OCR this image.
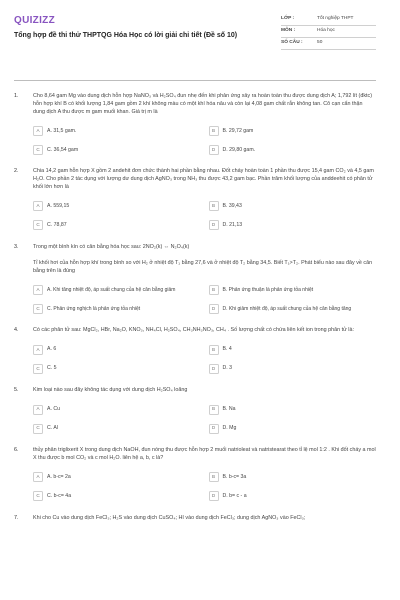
QUIZIZZ
Tổng hợp đề thi thử THPTQG Hóa Học có lời giải chi tiết (Đề số 10)
LỚP :	Tốt nghiệp THPT
MÔN :	Hóa học
SỐ CÂU :	50
1.	Cho 8,64 gam Mg vào dung dịch hỗn hợp NaNO₃ và H₂SO₄ đun nhẹ đến khi phản ứng xảy ra hoàn toàn thu được dung dịch A; 1,792 lít (đktc) hỗn hợp khí B có khối lượng 1,84 gam gồm 2 khí không màu có một khí hóa nâu và còn lại 4,08 gam chất rắn không tan. Cô cạn cẩn thận dung dịch A thu được m gam muối khan. Giá trị m là
A	A. 31,5 gam.	B	B. 29,72 gam
C	C. 36,54 gam	D	D. 29,80 gam.
2.	Chia 14,2 gam hỗn hợp X gồm 2 andehit đơn chức thành hai phần bằng nhau. Đốt cháy hoàn toàn 1 phần thu được 15,4 gam CO₂ và 4,5 gam H₂O. Cho phần 2 tác dụng với lượng dư dung dịch AgNO₃ trong NH₃ thu được 43,2 gam bạc. Phần trăm khối lượng của anddeehit có phân tử khối lớn hơn là
A	A. 559,15	B	B. 39,43
C	C. 78,87	D	D. 21,13
3.	Trong một bình kín có cân bằng hóa học sau: 2NO₂(k) ⇔ N₂O₄(k)
Tỉ khối hơi của hỗn hợp khí trong bình so với H₂ ở nhiệt độ T₁ bằng 27,6 và ở nhiệt độ T₂ bằng 34,5. Biết T₁>T₂. Phát biểu nào sau đây về cân bằng trên là đúng
A	A. Khi tăng nhiệt độ, áp suất chung của hệ cân bằng giảm	B	B. Phản ứng thuận là phản ứng tỏa nhiệt
C	C. Phản ứng nghịch là phản ứng tỏa nhiệt	D	D. Khi giảm nhiệt độ, áp suất chung của hệ cân bằng tăng
4.	Có các phân tử sau: MgCl₂, HBr, Na₂O, KNO₃, NH₄Cl, H₂SO₄, CH₃NH₃NO₃, CH₄ . Số lượng chất có chứa liên kết ion trong phân tử là:
A	A. 6	B	B. 4
C	C. 5	D	D. 3
5.	Kim loại nào sau đây không tác dụng với dung dịch H₂SO₄ loãng
A	A. Cu	B	B. Na
C	C. Al	D	D. Mg
6.	thủy phân triglixerit X trong dung dịch NaOH, đun nóng thu được hỗn hợp 2 muối natrioleat và natristearat theo tỉ lệ mol 1:2 . Khi đốt cháy a mol X thu được b mol CO₂ và c mol H₂O. liên hệ a, b, c là?
A	A. b-c= 2a	B	B. b-c= 3a
C	C. b-c= 4a	D	D. b= c - a
7.	Khi cho Cu vào dung dịch FeCl₃; H₂S vào dung dịch CuSO₄; HI vào dung dịch FeCl₃; dung dịch AgNO₃ vào FeCl₃;
